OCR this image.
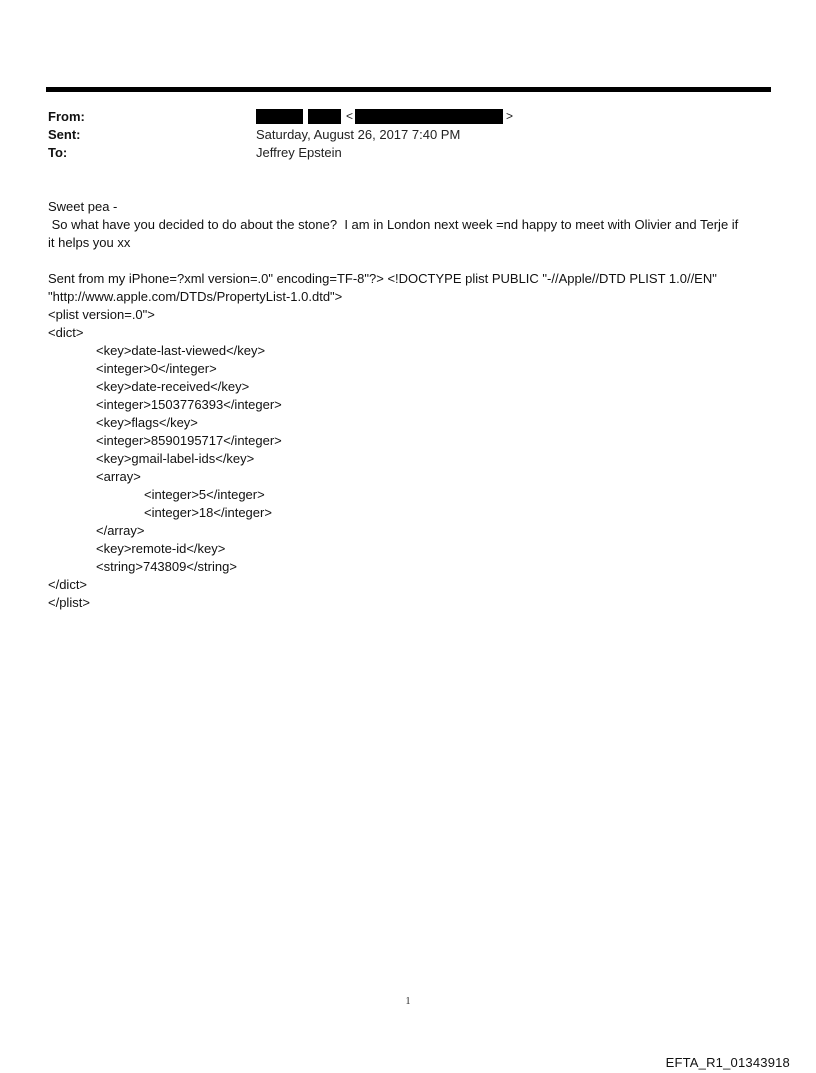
From:
Sent:
To:
<	>
Saturday, August 26, 2017 7:40 PM
Jeffrey Epstein
Sweet pea -
So what have you decided to do about the stone?  I am in London next week =nd happy to meet with Olivier and Terje if
it helps you xx
Sent from my iPhone=?xml version=.0" encoding=TF-8"?> <!DOCTYPE plist PUBLIC "-//Apple//DTD PLIST 1.0//EN"
"http://www.apple.com/DTDs/PropertyList-1.0.dtd">
<plist version=.0">
<dict>
<key>date-last-viewed</key>
<integer>0</integer>
<key>date-received</key>
<integer>1503776393</integer>
<key>flags</key>
<integer>8590195717</integer>
<key>gmail-label-ids</key>
<array>
<integer>5</integer>
<integer>18</integer>
</array>
<key>remote-id</key>
<string>743809</string>
</dict>
</plist>
1
EFTA_R1_01343918
